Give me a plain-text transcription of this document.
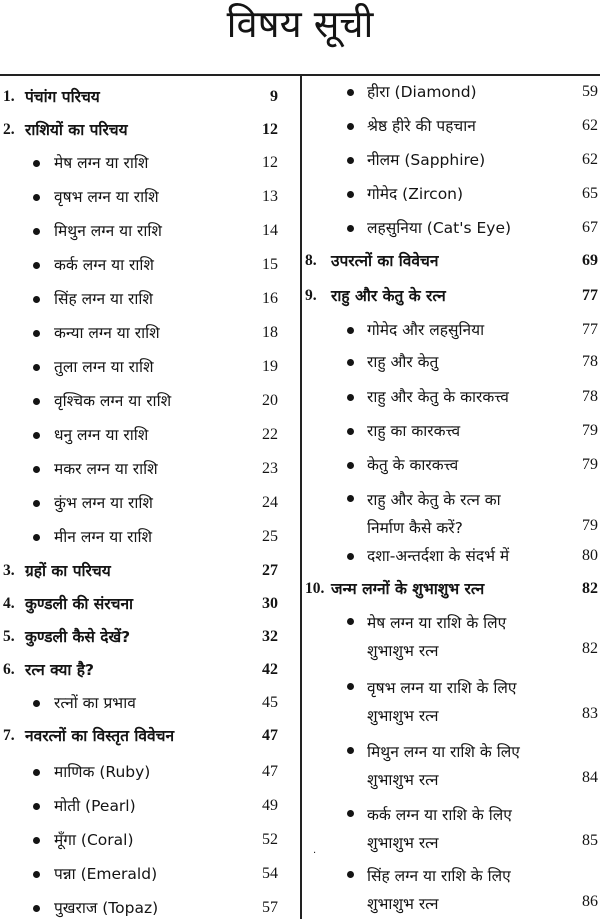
विषय सूची
1. पंचांग परिचय	9
2. राशियों का परिचय	12
मेष लग्न या राशि	12
वृषभ लग्न या राशि	13
मिथुन लग्न या राशि	14
कर्क लग्न या राशि	15
सिंह लग्न या राशि	16
कन्या लग्न या राशि	18
तुला लग्न या राशि	19
वृश्चिक लग्न या राशि	20
धनु लग्न या राशि	22
मकर लग्न या राशि	23
कुंभ लग्न या राशि	24
मीन लग्न या राशि	25
3. ग्रहों का परिचय	27
4. कुण्डली की संरचना	30
5. कुण्डली कैसे देखें?	32
6. रत्न क्या है?	42
रत्नों का प्रभाव	45
7. नवरत्नों का विस्तृत विवेचन	47
माणिक (Ruby)	47
मोती (Pearl)	49
मूँगा (Coral)	52
पन्ना (Emerald)	54
पुखराज (Topaz)	57
हीरा (Diamond)	59
श्रेष्ठ हीरे की पहचान	62
नीलम (Sapphire)	62
गोमेद (Zircon)	65
लहसुनिया (Cat's Eye)	67
8. उपरत्नों का विवेचन	69
9. राहु और केतु के रत्न	77
गोमेद और लहसुनिया	77
राहु और केतु	78
राहु और केतु के कारकत्त्व	78
राहु का कारकत्त्व	79
केतु के कारकत्त्व	79
राहु और केतु के रत्न का निर्माण कैसे करें?	79
दशा-अन्तर्दशा के संदर्भ में	80
10. जन्म लग्नों के शुभाशुभ रत्न	82
मेष लग्न या राशि के लिए शुभाशुभ रत्न	82
वृषभ लग्न या राशि के लिए शुभाशुभ रत्न	83
मिथुन लग्न या राशि के लिए शुभाशुभ रत्न	84
कर्क लग्न या राशि के लिए शुभाशुभ रत्न	85
सिंह लग्न या राशि के लिए शुभाशुभ रत्न	86
.
